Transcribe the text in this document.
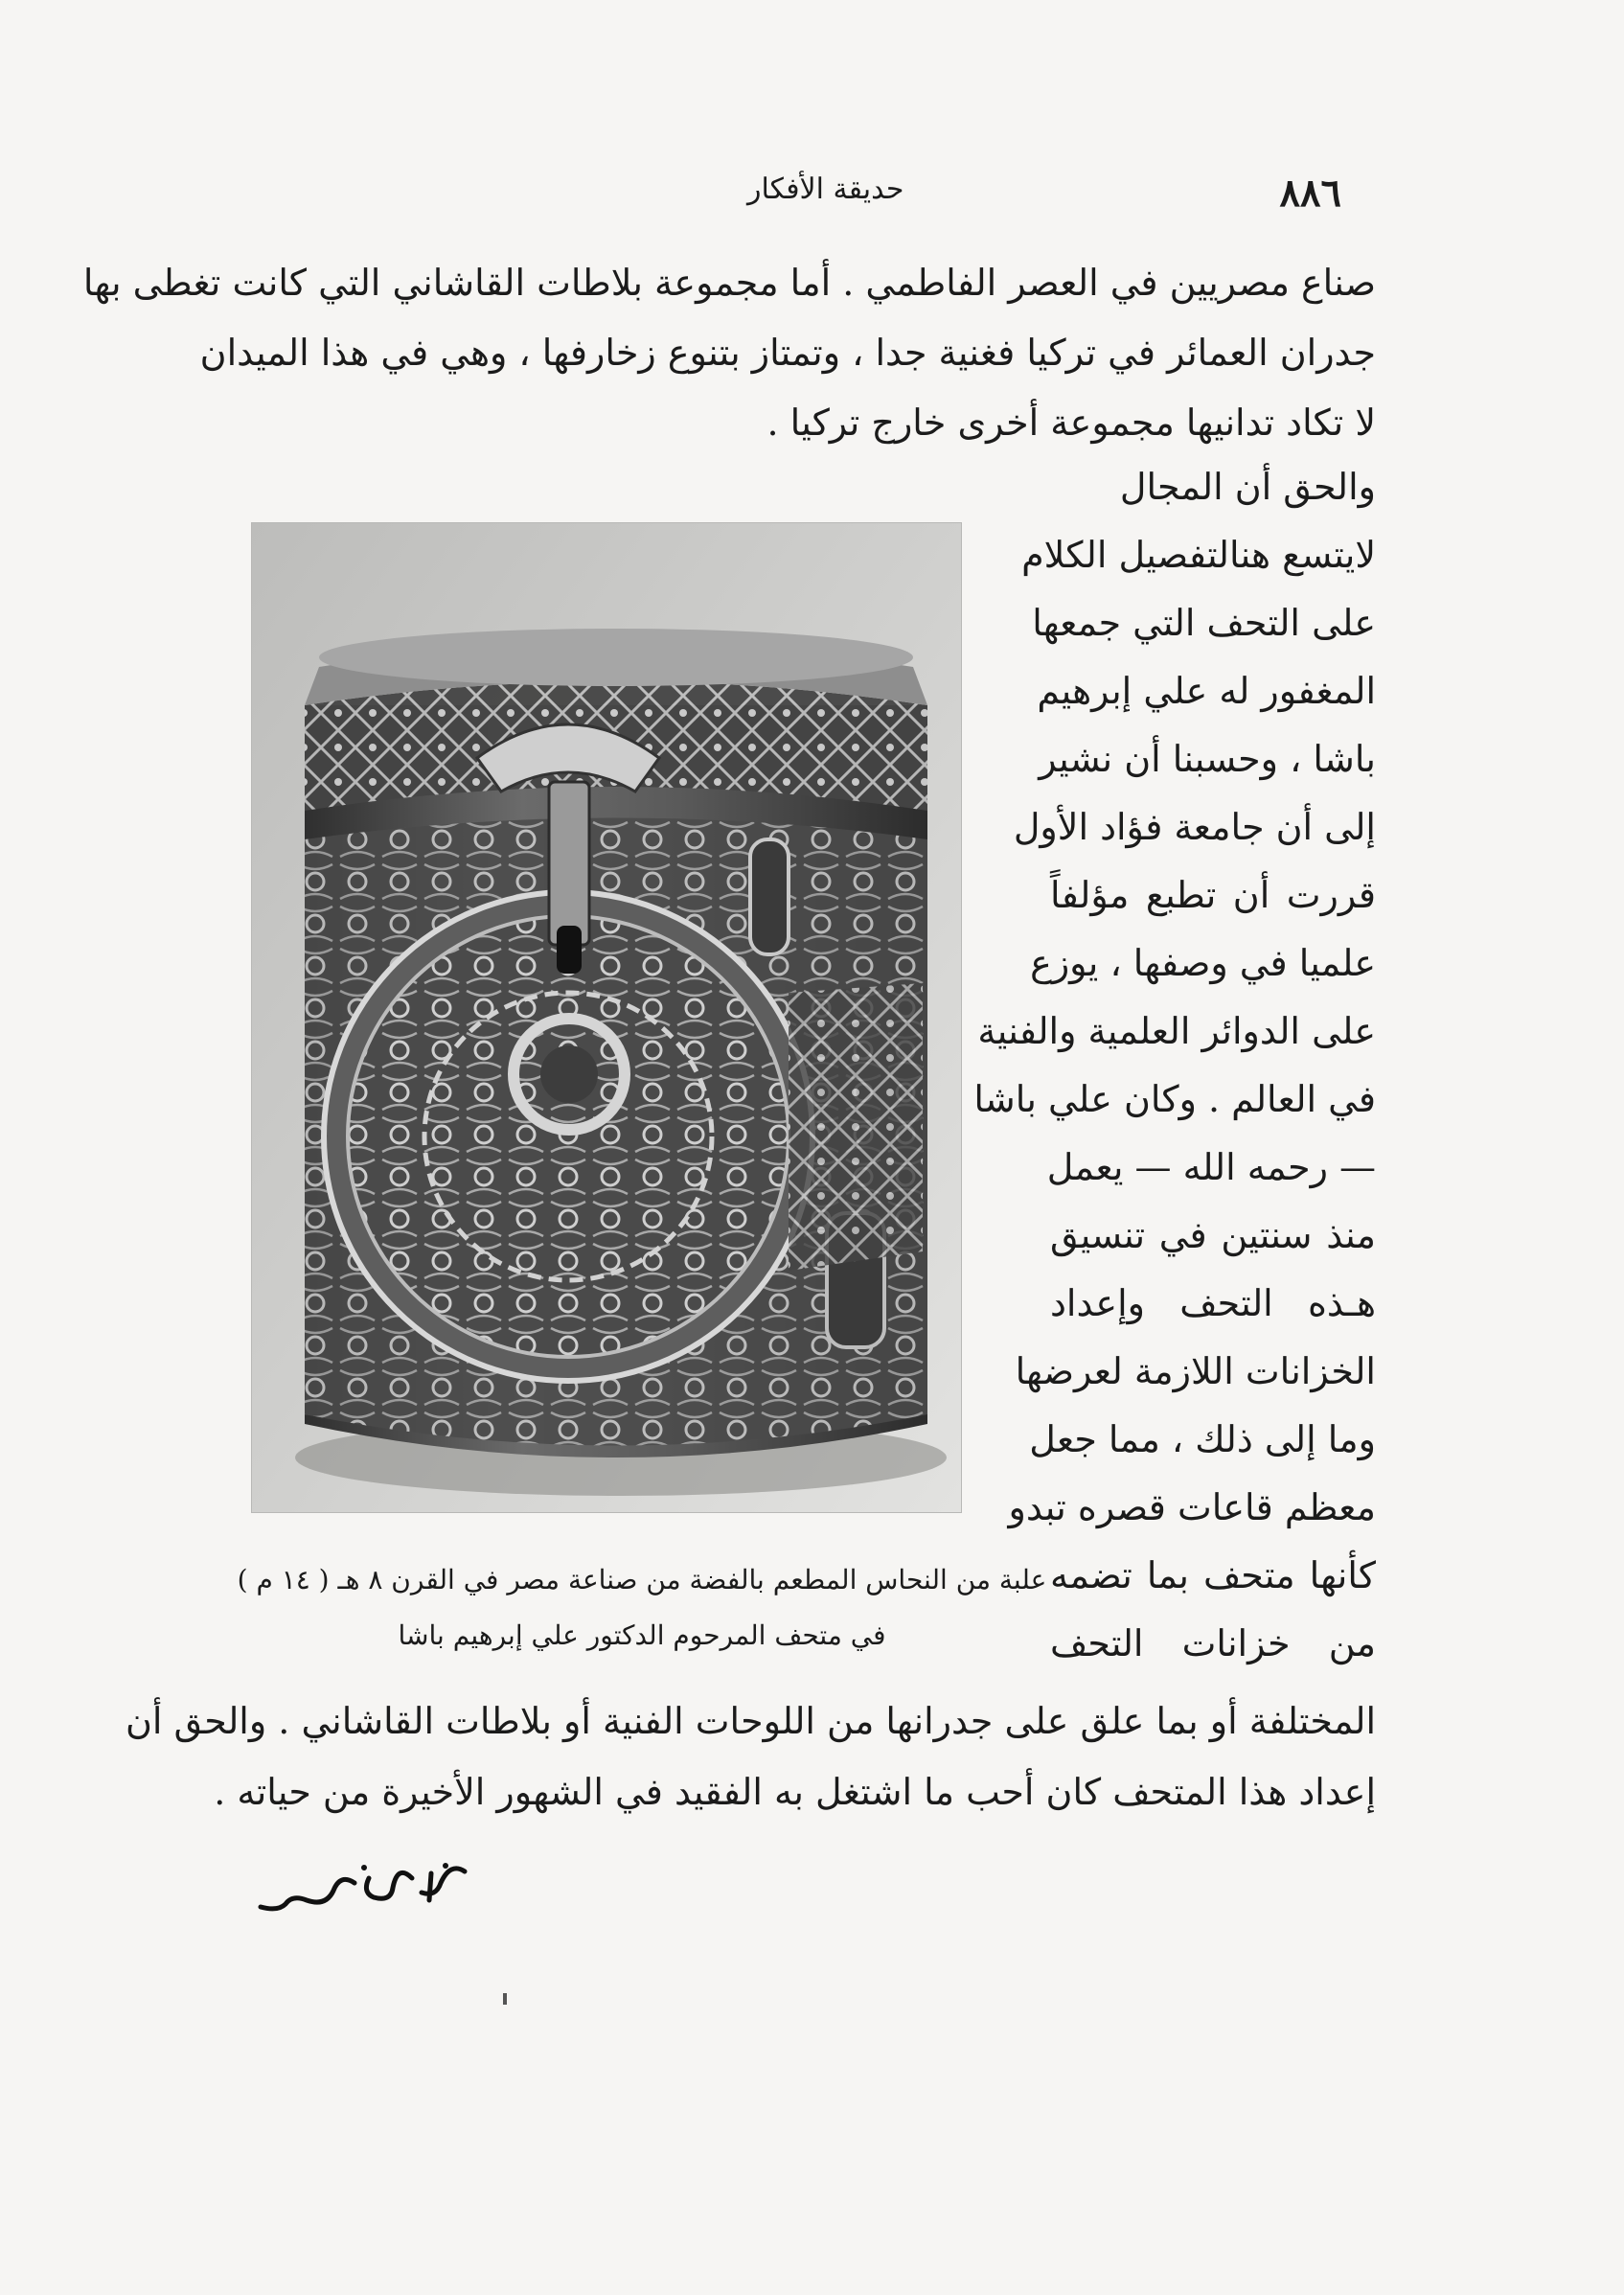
٨٨٦
حديقة الأفكار
صناع مصريين في العصر الفاطمي . أما مجموعة بلاطات القاشاني التي كانت تغطى بها
جدران العمائر في تركيا فغنية جدا ، وتمتاز بتنوع زخارفها ، وهي في هذا الميدان
لا تكاد تدانيها مجموعة أخرى خارج تركيا .
والحق أن المجال
لايتسع هنالتفصيل الكلام
على التحف التي جمعها
المغفور له علي إبرهيم
باشا ، وحسبنا أن نشير
إلى أن جامعة فؤاد الأول
قررت أن تطبع مؤلفاً
علميا في وصفها ، يوزع
على الدوائر العلمية والفنية
في العالم . وكان علي باشا
— رحمه الله — يعمل
منذ سنتين في تنسيق
هـذه التحف وإعداد
الخزانات اللازمة لعرضها
وما إلى ذلك ، مما جعل
معظم قاعات قصره تبدو
كأنها متحف بما تضمه
من خزانات التحف
علبة من النحاس المطعم بالفضة من صناعة مصر في القرن ٨ هـ ( ١٤ م )
في متحف المرحوم الدكتور علي إبرهيم باشا
المختلفة أو بما علق على جدرانها من اللوحات الفنية أو بلاطات القاشاني . والحق أن
إعداد هذا المتحف كان أحب ما اشتغل به الفقيد في الشهور الأخيرة من حياته .
